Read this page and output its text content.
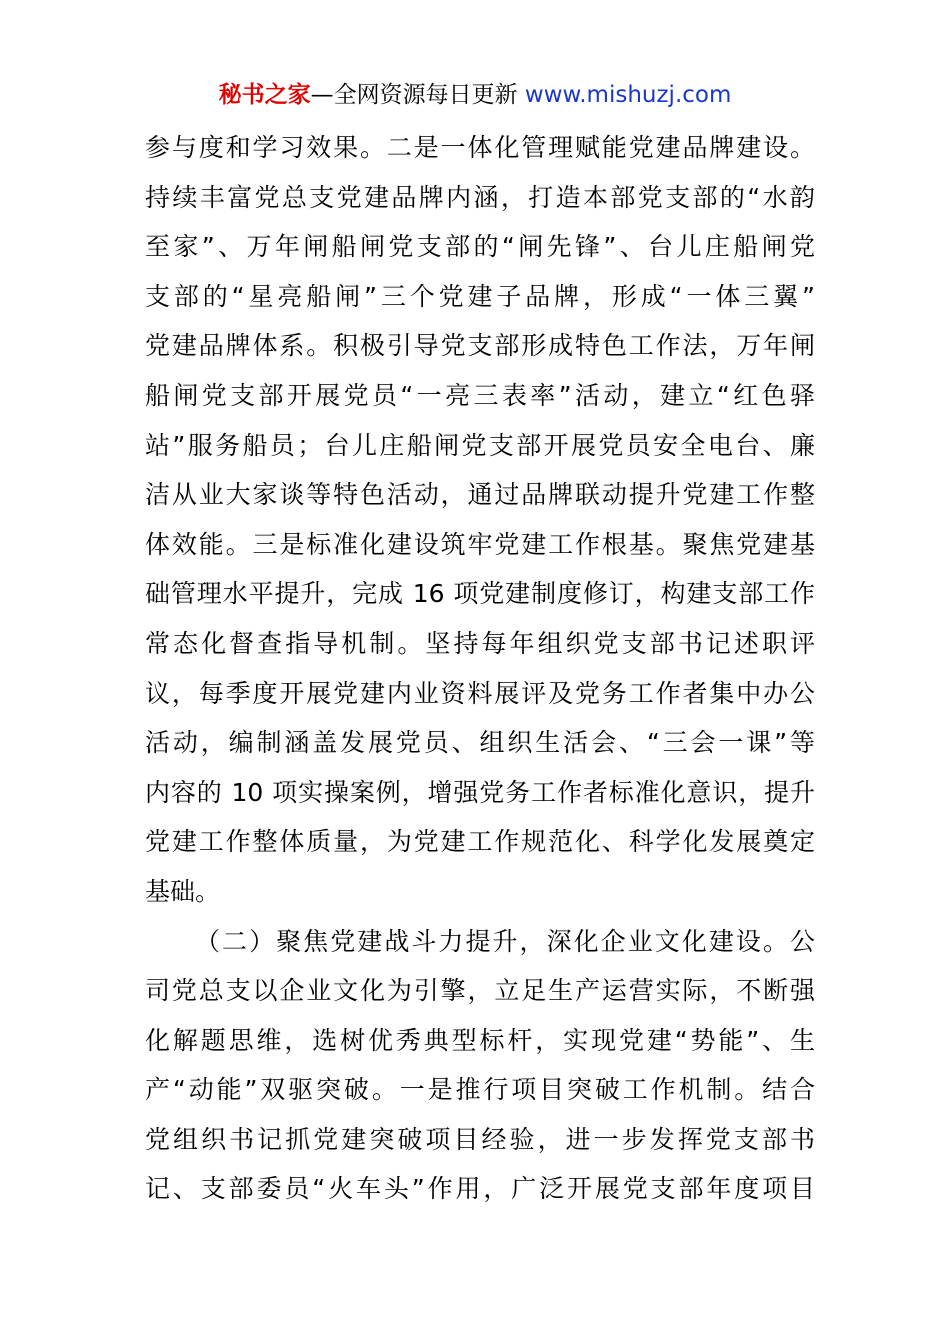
秘书之家—全网资源每日更新 www.mishuzj.com
参与度和学习效果。二是一体化管理赋能党建品牌建设。
持续丰富党总支党建品牌内涵，打造本部党支部的“水韵
至家”、万年闸船闸党支部的“闸先锋”、台儿庄船闸党
支部的“星亮船闸”三个党建子品牌，形成“一体三翼”
党建品牌体系。积极引导党支部形成特色工作法，万年闸
船闸党支部开展党员“一亮三表率”活动，建立“红色驿
站”服务船员；台儿庄船闸党支部开展党员安全电台、廉
洁从业大家谈等特色活动，通过品牌联动提升党建工作整
体效能。三是标准化建设筑牢党建工作根基。聚焦党建基
础管理水平提升，完成 16 项党建制度修订，构建支部工作
常态化督查指导机制。坚持每年组织党支部书记述职评
议，每季度开展党建内业资料展评及党务工作者集中办公
活动，编制涵盖发展党员、组织生活会、“三会一课”等
内容的 10 项实操案例，增强党务工作者标准化意识，提升
党建工作整体质量，为党建工作规范化、科学化发展奠定
基础。
（二）聚焦党建战斗力提升，深化企业文化建设。公
司党总支以企业文化为引擎，立足生产运营实际，不断强
化解题思维，选树优秀典型标杆，实现党建“势能”、生
产“动能”双驱突破。一是推行项目突破工作机制。结合
党组织书记抓党建突破项目经验，进一步发挥党支部书
记、支部委员“火车头”作用，广泛开展党支部年度项目
